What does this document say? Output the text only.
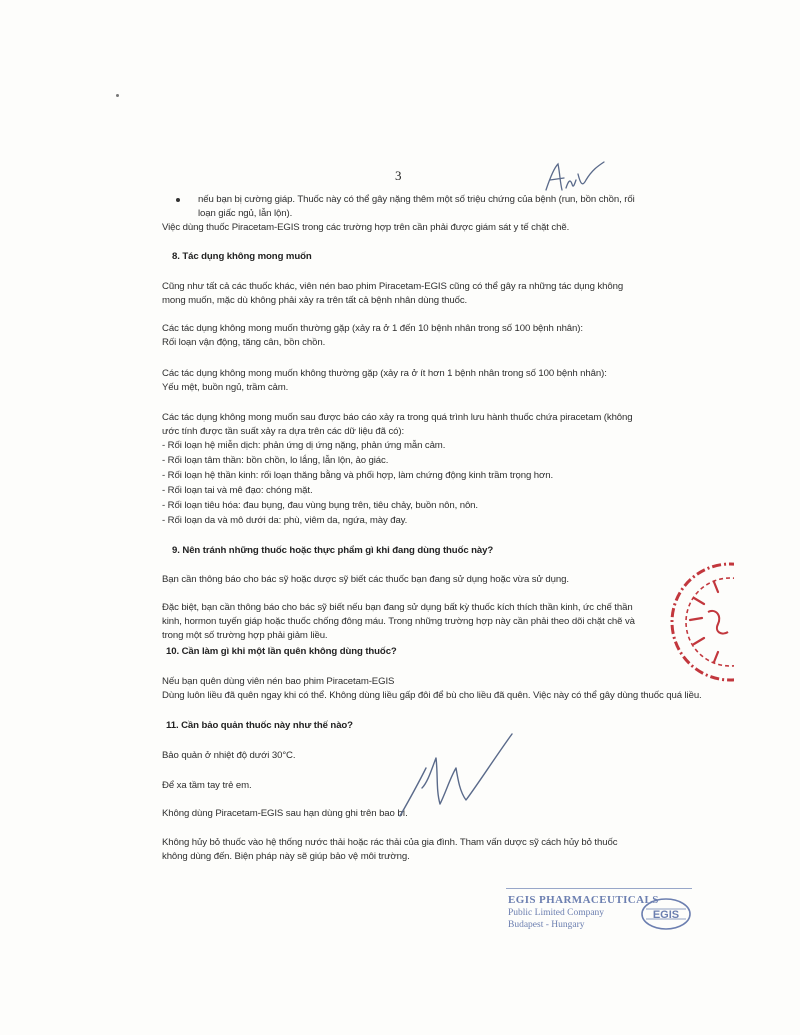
3
nếu bạn bị cường giáp. Thuốc này có thể gây nặng thêm một số triệu chứng của bệnh (run, bồn chồn, rối loạn giấc ngủ, lẫn lộn).
Việc dùng thuốc Piracetam-EGIS trong các trường hợp trên cần phải được giám sát y tế chặt chẽ.
8. Tác dụng không mong muốn
Cũng như tất cả các thuốc khác, viên nén bao phim Piracetam-EGIS cũng có thể gây ra những tác dụng không mong muốn, mặc dù không phải xảy ra trên tất cả bệnh nhân dùng thuốc.
Các tác dụng không mong muốn thường gặp (xảy ra ở 1 đến 10 bệnh nhân trong số 100 bệnh nhân):
Rối loạn vận động, tăng cân, bồn chồn.
Các tác dụng không mong muốn không thường gặp (xảy ra ở ít hơn 1 bệnh nhân trong số 100 bệnh nhân):
Yếu mệt, buồn ngủ, trầm cảm.
Các tác dụng không mong muốn sau được báo cáo xảy ra trong quá trình lưu hành thuốc chứa piracetam (không ước tính được tần suất xảy ra dựa trên các dữ liệu đã có):
- Rối loạn hệ miễn dịch: phản ứng dị ứng nặng, phản ứng mẫn cảm.
- Rối loạn tâm thần: bồn chồn, lo lắng, lẫn lộn, ảo giác.
- Rối loạn hệ thần kinh: rối loạn thăng bằng và phối hợp, làm chứng động kinh trầm trọng hơn.
- Rối loạn tai và mê đạo: chóng mặt.
- Rối loạn tiêu hóa: đau bụng, đau vùng bụng trên, tiêu chảy, buồn nôn, nôn.
- Rối loạn da và mô dưới da: phù, viêm da, ngứa, mày đay.
9. Nên tránh những thuốc hoặc thực phẩm gì khi đang dùng thuốc này?
Bạn cần thông báo cho bác sỹ hoặc dược sỹ biết các thuốc bạn đang sử dụng hoặc vừa sử dụng.
Đặc biệt, bạn cần thông báo cho bác sỹ biết nếu bạn đang sử dụng bất kỳ thuốc kích thích thần kinh, ức chế thần kinh, hormon tuyến giáp hoặc thuốc chống đông máu. Trong những trường hợp này cần phải theo dõi chặt chẽ và trong một số trường hợp phải giảm liều.
10. Cần làm gì khi một lần quên không dùng thuốc?
Nếu bạn quên dùng viên nén bao phim Piracetam-EGIS
Dùng luôn liều đã quên ngay khi có thể. Không dùng liều gấp đôi để bù cho liều đã quên. Việc này có thể gây dùng thuốc quá liều.
11. Cần bảo quản thuốc này như thế nào?
Bảo quản ở nhiệt độ dưới 30°C.
Để xa tầm tay trẻ em.
Không dùng Piracetam-EGIS sau hạn dùng ghi trên bao bì.
Không hủy bỏ thuốc vào hệ thống nước thải hoặc rác thải của gia đình. Tham vấn dược sỹ cách hủy bỏ thuốc không dùng đến. Biện pháp này sẽ giúp bảo vệ môi trường.
EGIS PHARMACEUTICALS
Public Limited Company
Budapest - Hungary
EGIS
